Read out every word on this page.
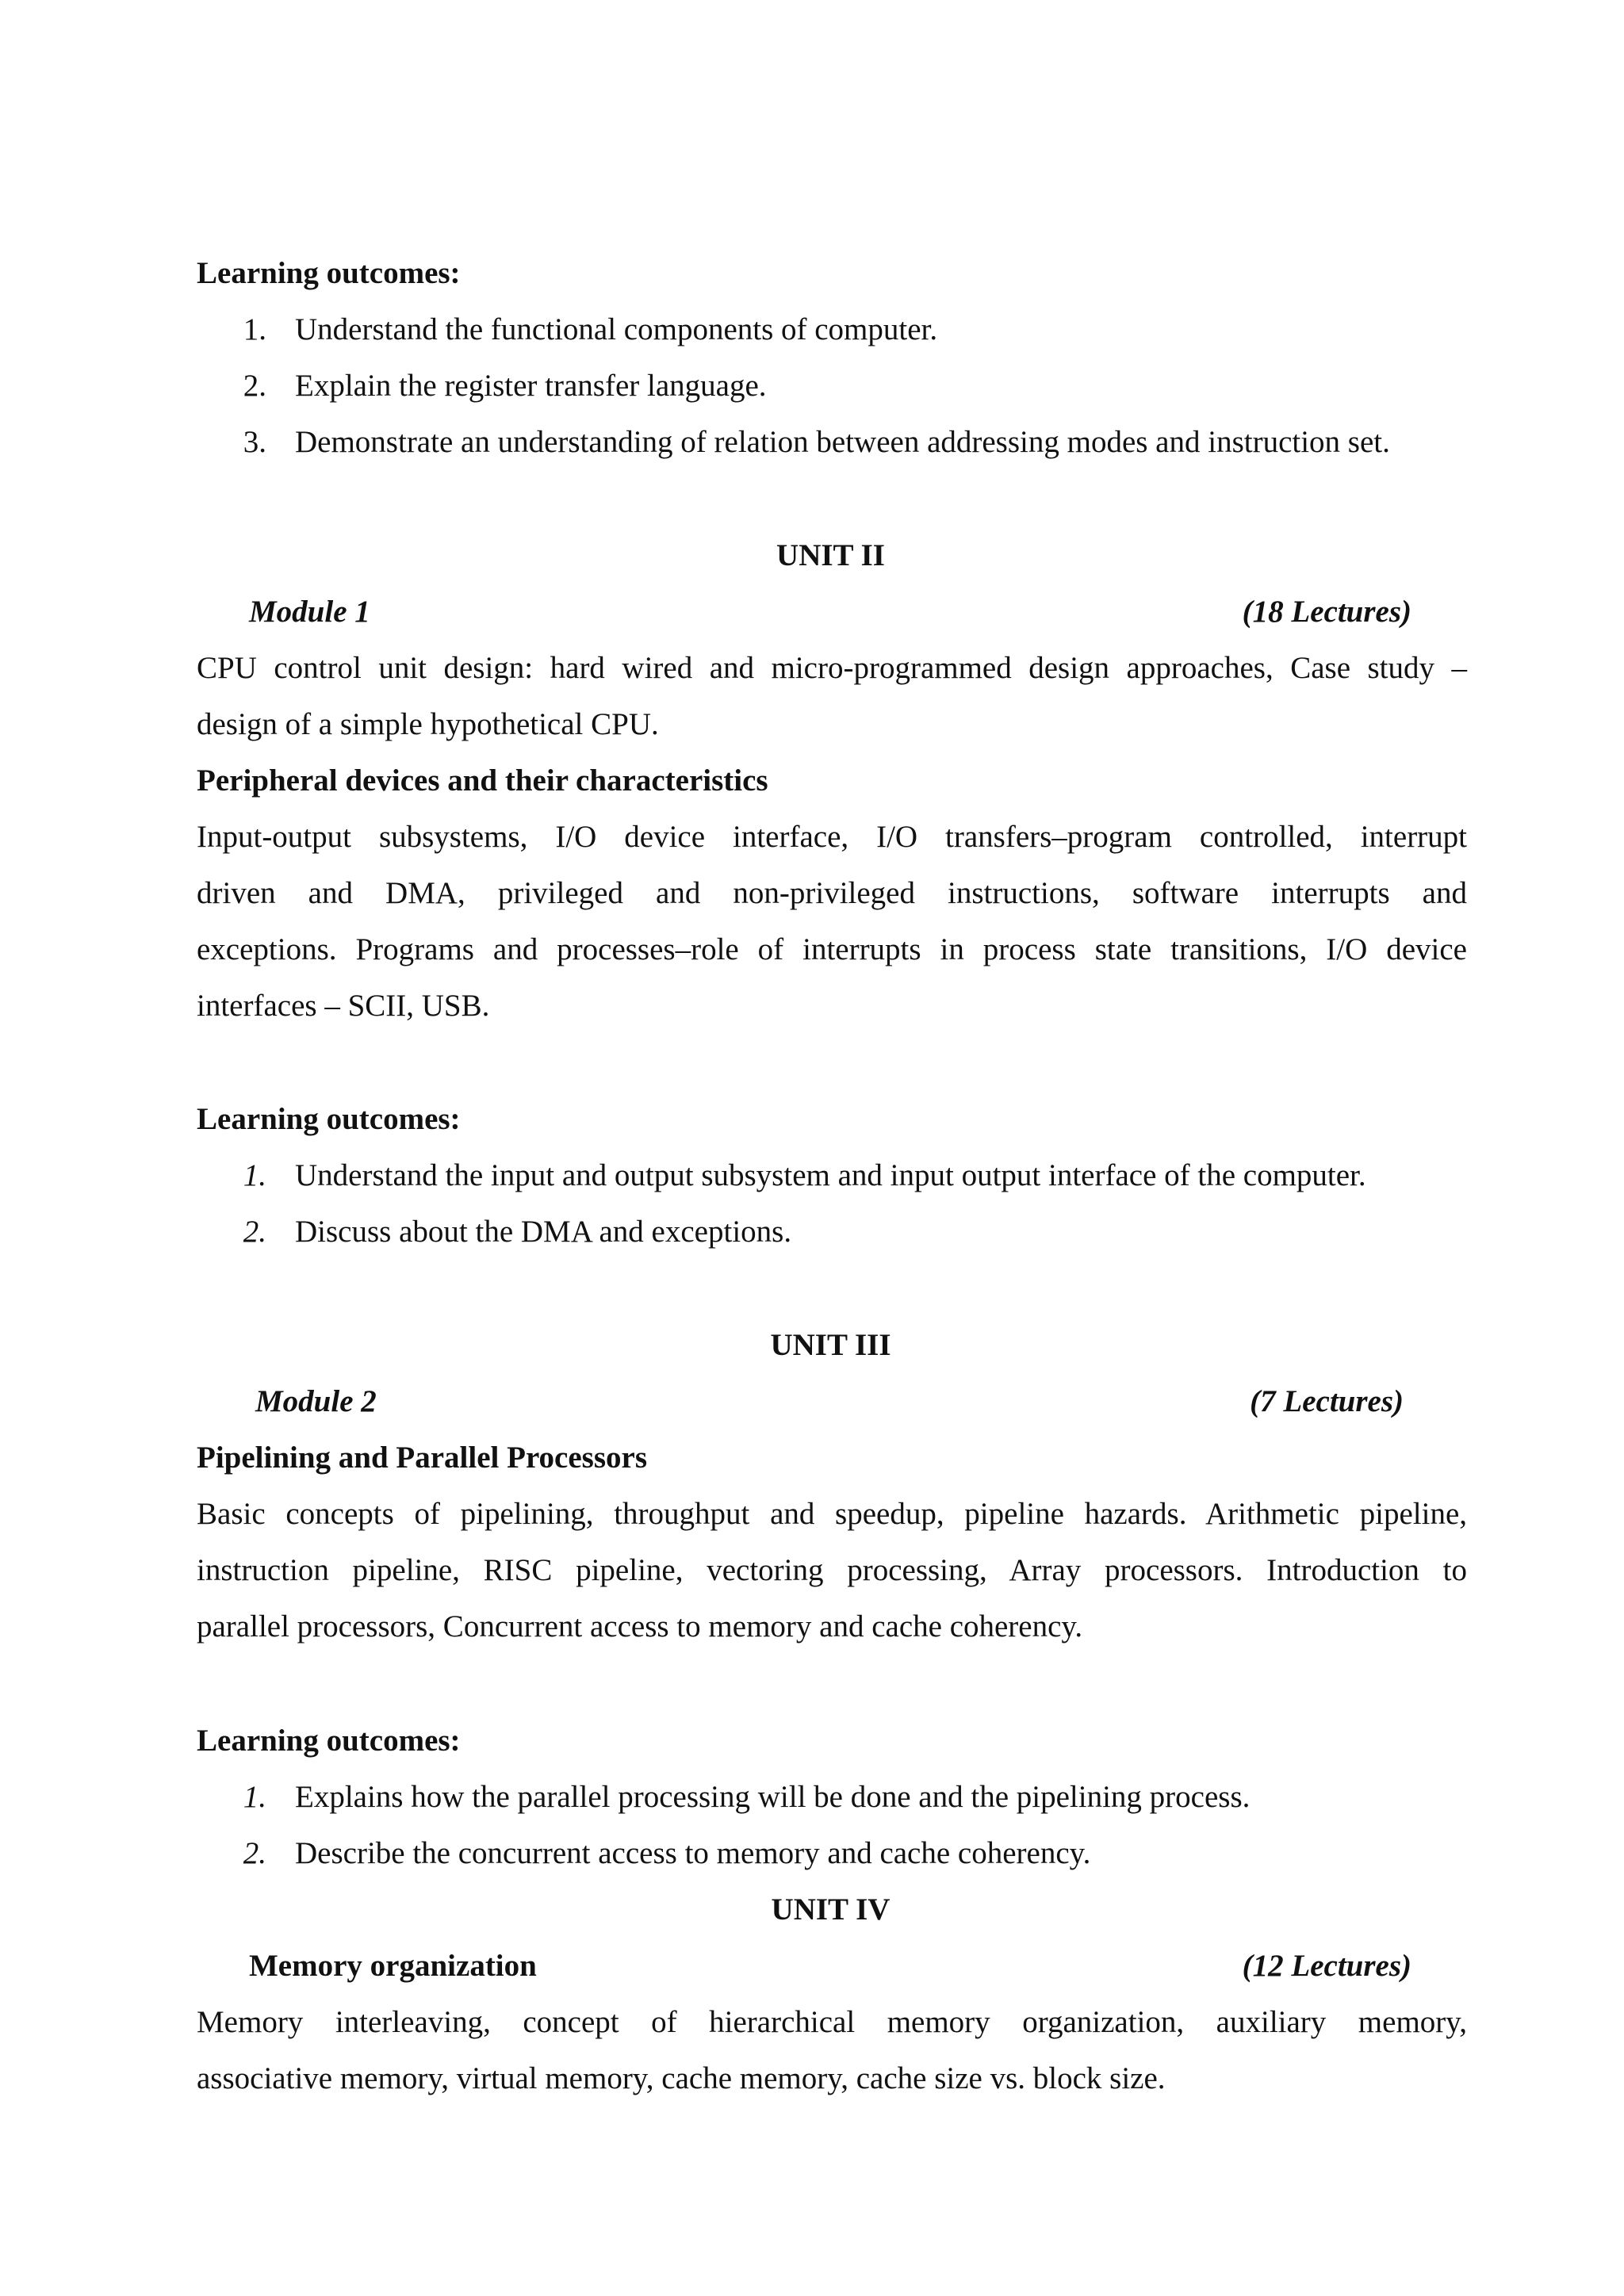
Learning outcomes:
1. Understand the functional components of computer.
2. Explain the register transfer language.
3. Demonstrate an understanding of relation between addressing modes and instruction set.
UNIT II
Module 1	(18 Lectures)
CPU control unit design: hard wired and micro-programmed design approaches, Case study –
design of a simple hypothetical CPU.
Peripheral devices and their characteristics
Input-output subsystems, I/O device interface, I/O transfers–program controlled, interrupt
driven and DMA, privileged and non-privileged instructions, software interrupts and
exceptions. Programs and processes–role of interrupts in process state transitions, I/O device
interfaces – SCII, USB.
Learning outcomes:
1. Understand the input and output subsystem and input output interface of the computer.
2. Discuss about the DMA and exceptions.
UNIT III
Module 2	(7 Lectures)
Pipelining and Parallel Processors
Basic concepts of pipelining, throughput and speedup, pipeline hazards. Arithmetic pipeline,
instruction pipeline, RISC pipeline, vectoring processing, Array processors. Introduction to
parallel processors, Concurrent access to memory and cache coherency.
Learning outcomes:
1. Explains how the parallel processing will be done and the pipelining process.
2. Describe the concurrent access to memory and cache coherency.
UNIT IV
Memory organization	(12 Lectures)
Memory interleaving, concept of hierarchical memory organization, auxiliary memory,
associative memory, virtual memory, cache memory, cache size vs. block size.
